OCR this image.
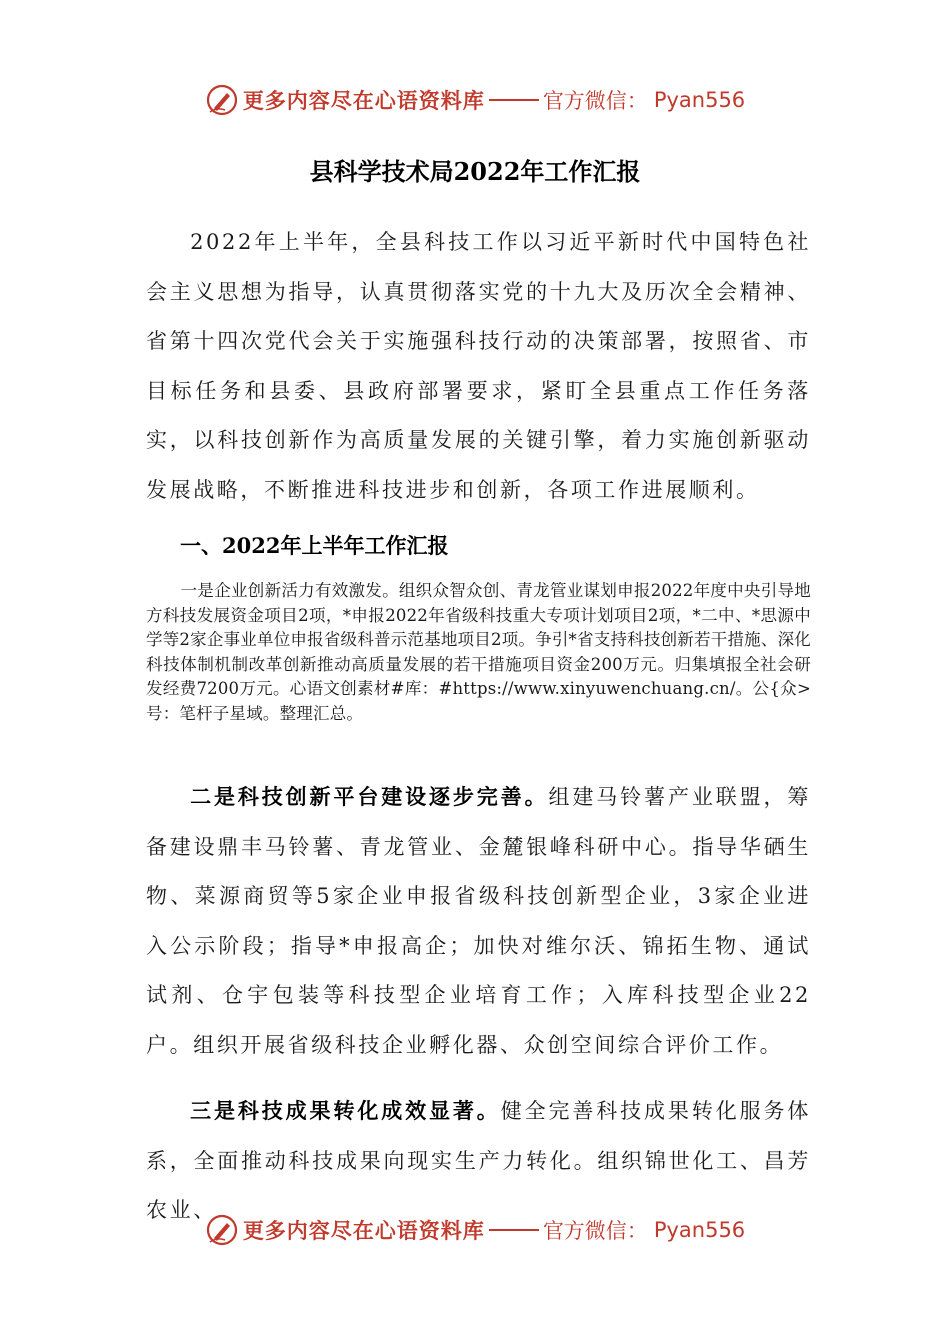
更多内容尽在心语资料库	官方微信： Pyan556
县科学技术局2022年工作汇报
2022年上半年，全县科技工作以习近平新时代中国特色社会主义思想为指导，认真贯彻落实党的十九大及历次全会精神、省第十四次党代会关于实施强科技行动的决策部署，按照省、市目标任务和县委、县政府部署要求，紧盯全县重点工作任务落实，以科技创新作为高质量发展的关键引擎，着力实施创新驱动发展战略，不断推进科技进步和创新，各项工作进展顺利。
一、2022年上半年工作汇报
一是企业创新活力有效激发。组织众智众创、青龙管业谋划申报2022年度中央引导地方科技发展资金项目2项，*申报2022年省级科技重大专项计划项目2项，*二中、*思源中学等2家企事业单位申报省级科普示范基地项目2项。争引*省支持科技创新若干措施、深化科技体制机制改革创新推动高质量发展的若干措施项目资金200万元。归集填报全社会研发经费7200万元。心语文创素材#库：#https://www.xinyuwenchuang.cn/。公{众>号：笔杆子星域。整理汇总。
二是科技创新平台建设逐步完善。组建马铃薯产业联盟，筹备建设鼎丰马铃薯、青龙管业、金麓银峰科研中心。指导华硒生物、菜源商贸等5家企业申报省级科技创新型企业，3家企业进入公示阶段；指导*申报高企；加快对维尔沃、锦拓生物、通试试剂、仓宇包装等科技型企业培育工作；入库科技型企业22户。组织开展省级科技企业孵化器、众创空间综合评价工作。
三是科技成果转化成效显著。健全完善科技成果转化服务体系，全面推动科技成果向现实生产力转化。组织锦世化工、昌芳农业、
更多内容尽在心语资料库	官方微信： Pyan556
